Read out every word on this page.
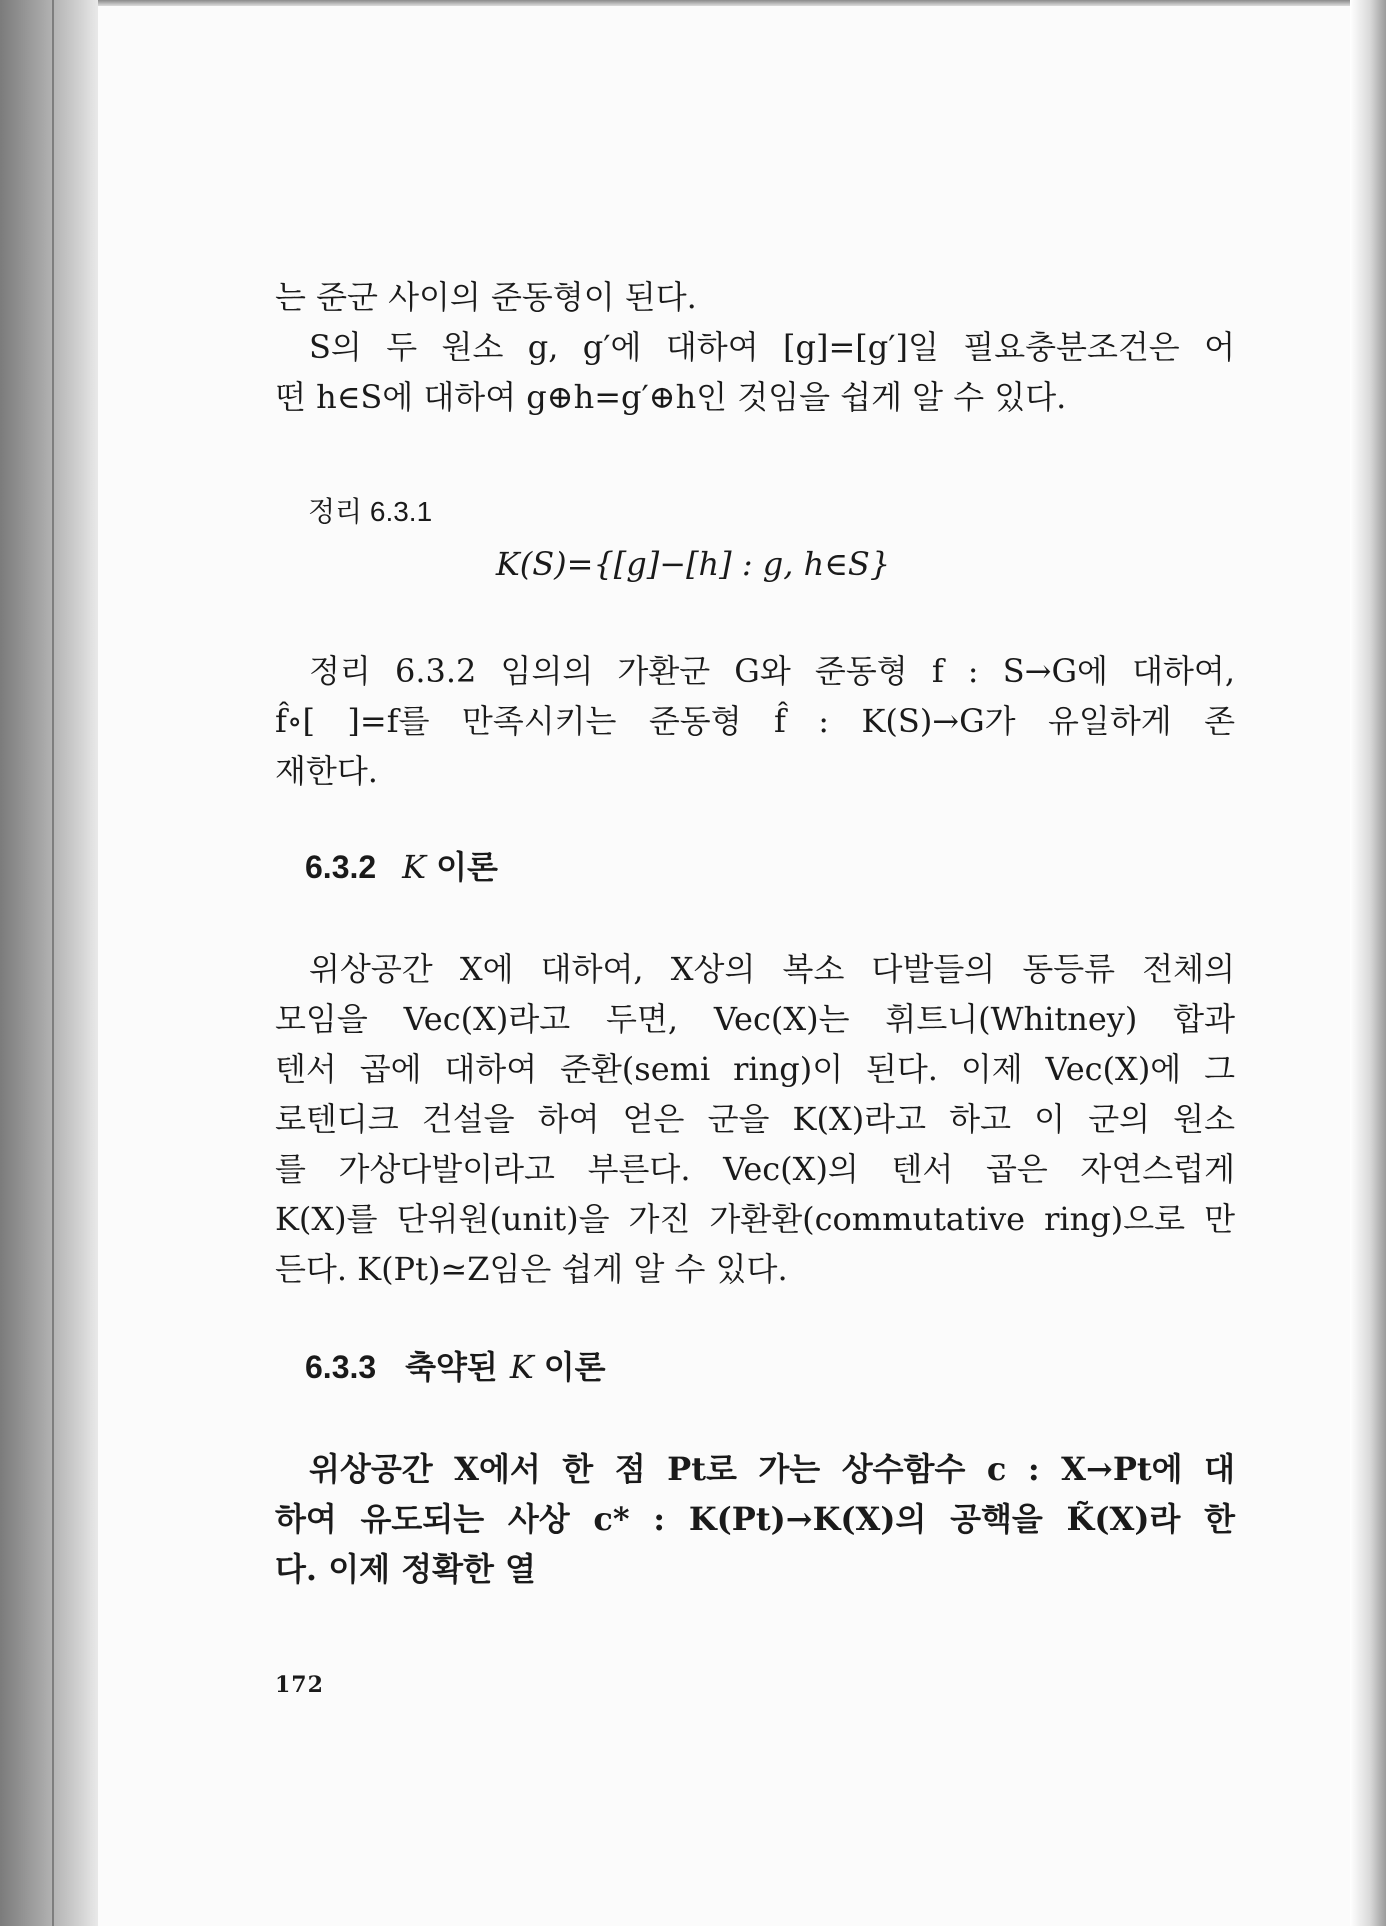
는 준군 사이의 준동형이 된다.
S의 두 원소 g, g′에 대하여 [g]=[g′]일 필요충분조건은 어
떤 h∈S에 대하여 g⊕h=g′⊕h인 것임을 쉽게 알 수 있다.
정리 6.3.1
K(S)={[g]−[h] : g, h∈S}
정리 6.3.2 임의의 가환군 G와 준동형 f : S→G에 대하여,
f̂∘[ ]=f를 만족시키는 준동형 f̂ : K(S)→G가 유일하게 존
재한다.
6.3.2 K 이론
위상공간 X에 대하여, X상의 복소 다발들의 동등류 전체의
모임을 Vec(X)라고 두면, Vec(X)는 휘트니(Whitney) 합과
텐서 곱에 대하여 준환(semi ring)이 된다. 이제 Vec(X)에 그
로텐디크 건설을 하여 얻은 군을 K(X)라고 하고 이 군의 원소
를 가상다발이라고 부른다. Vec(X)의 텐서 곱은 자연스럽게
K(X)를 단위원(unit)을 가진 가환환(commutative ring)으로 만
든다. K(Pt)≃Z임은 쉽게 알 수 있다.
6.3.3 축약된 K 이론
위상공간 X에서 한 점 Pt로 가는 상수함수 c : X→Pt에 대
하여 유도되는 사상 c* : K(Pt)→K(X)의 공핵을 K̃(X)라 한
다. 이제 정확한 열
172
